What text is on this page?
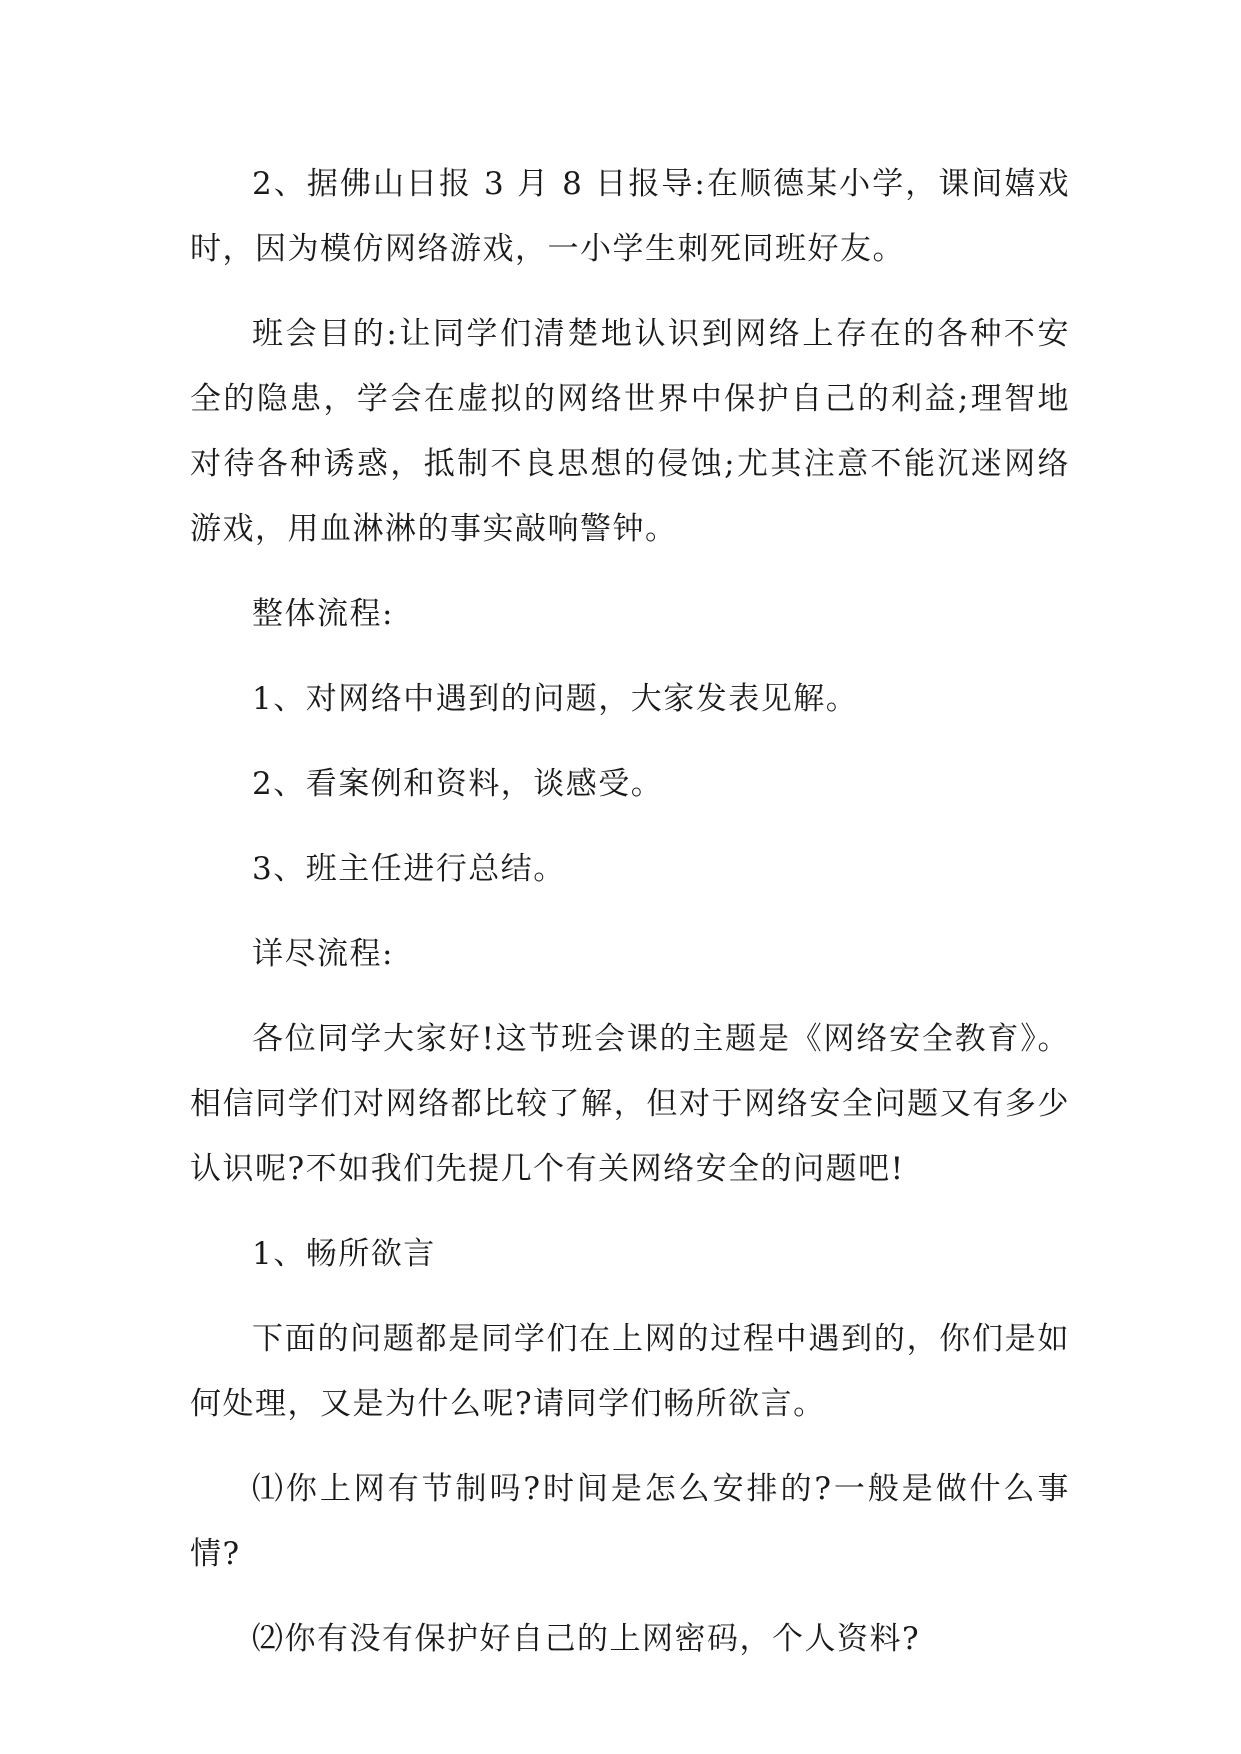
2、据佛山日报 3 月 8 日报导:在顺德某小学，课间嬉戏时，因为模仿网络游戏，一小学生刺死同班好友。

班会目的:让同学们清楚地认识到网络上存在的各种不安全的隐患，学会在虚拟的网络世界中保护自己的利益;理智地对待各种诱惑，抵制不良思想的侵蚀;尤其注意不能沉迷网络游戏，用血淋淋的事实敲响警钟。

整体流程:

1、对网络中遇到的问题，大家发表见解。

2、看案例和资料，谈感受。

3、班主任进行总结。

详尽流程:

各位同学大家好!这节班会课的主题是《网络安全教育》。相信同学们对网络都比较了解，但对于网络安全问题又有多少认识呢?不如我们先提几个有关网络安全的问题吧!

1、畅所欲言

下面的问题都是同学们在上网的过程中遇到的，你们是如何处理，又是为什么呢?请同学们畅所欲言。

⑴你上网有节制吗?时间是怎么安排的?一般是做什么事情?

⑵你有没有保护好自己的上网密码，个人资料?
